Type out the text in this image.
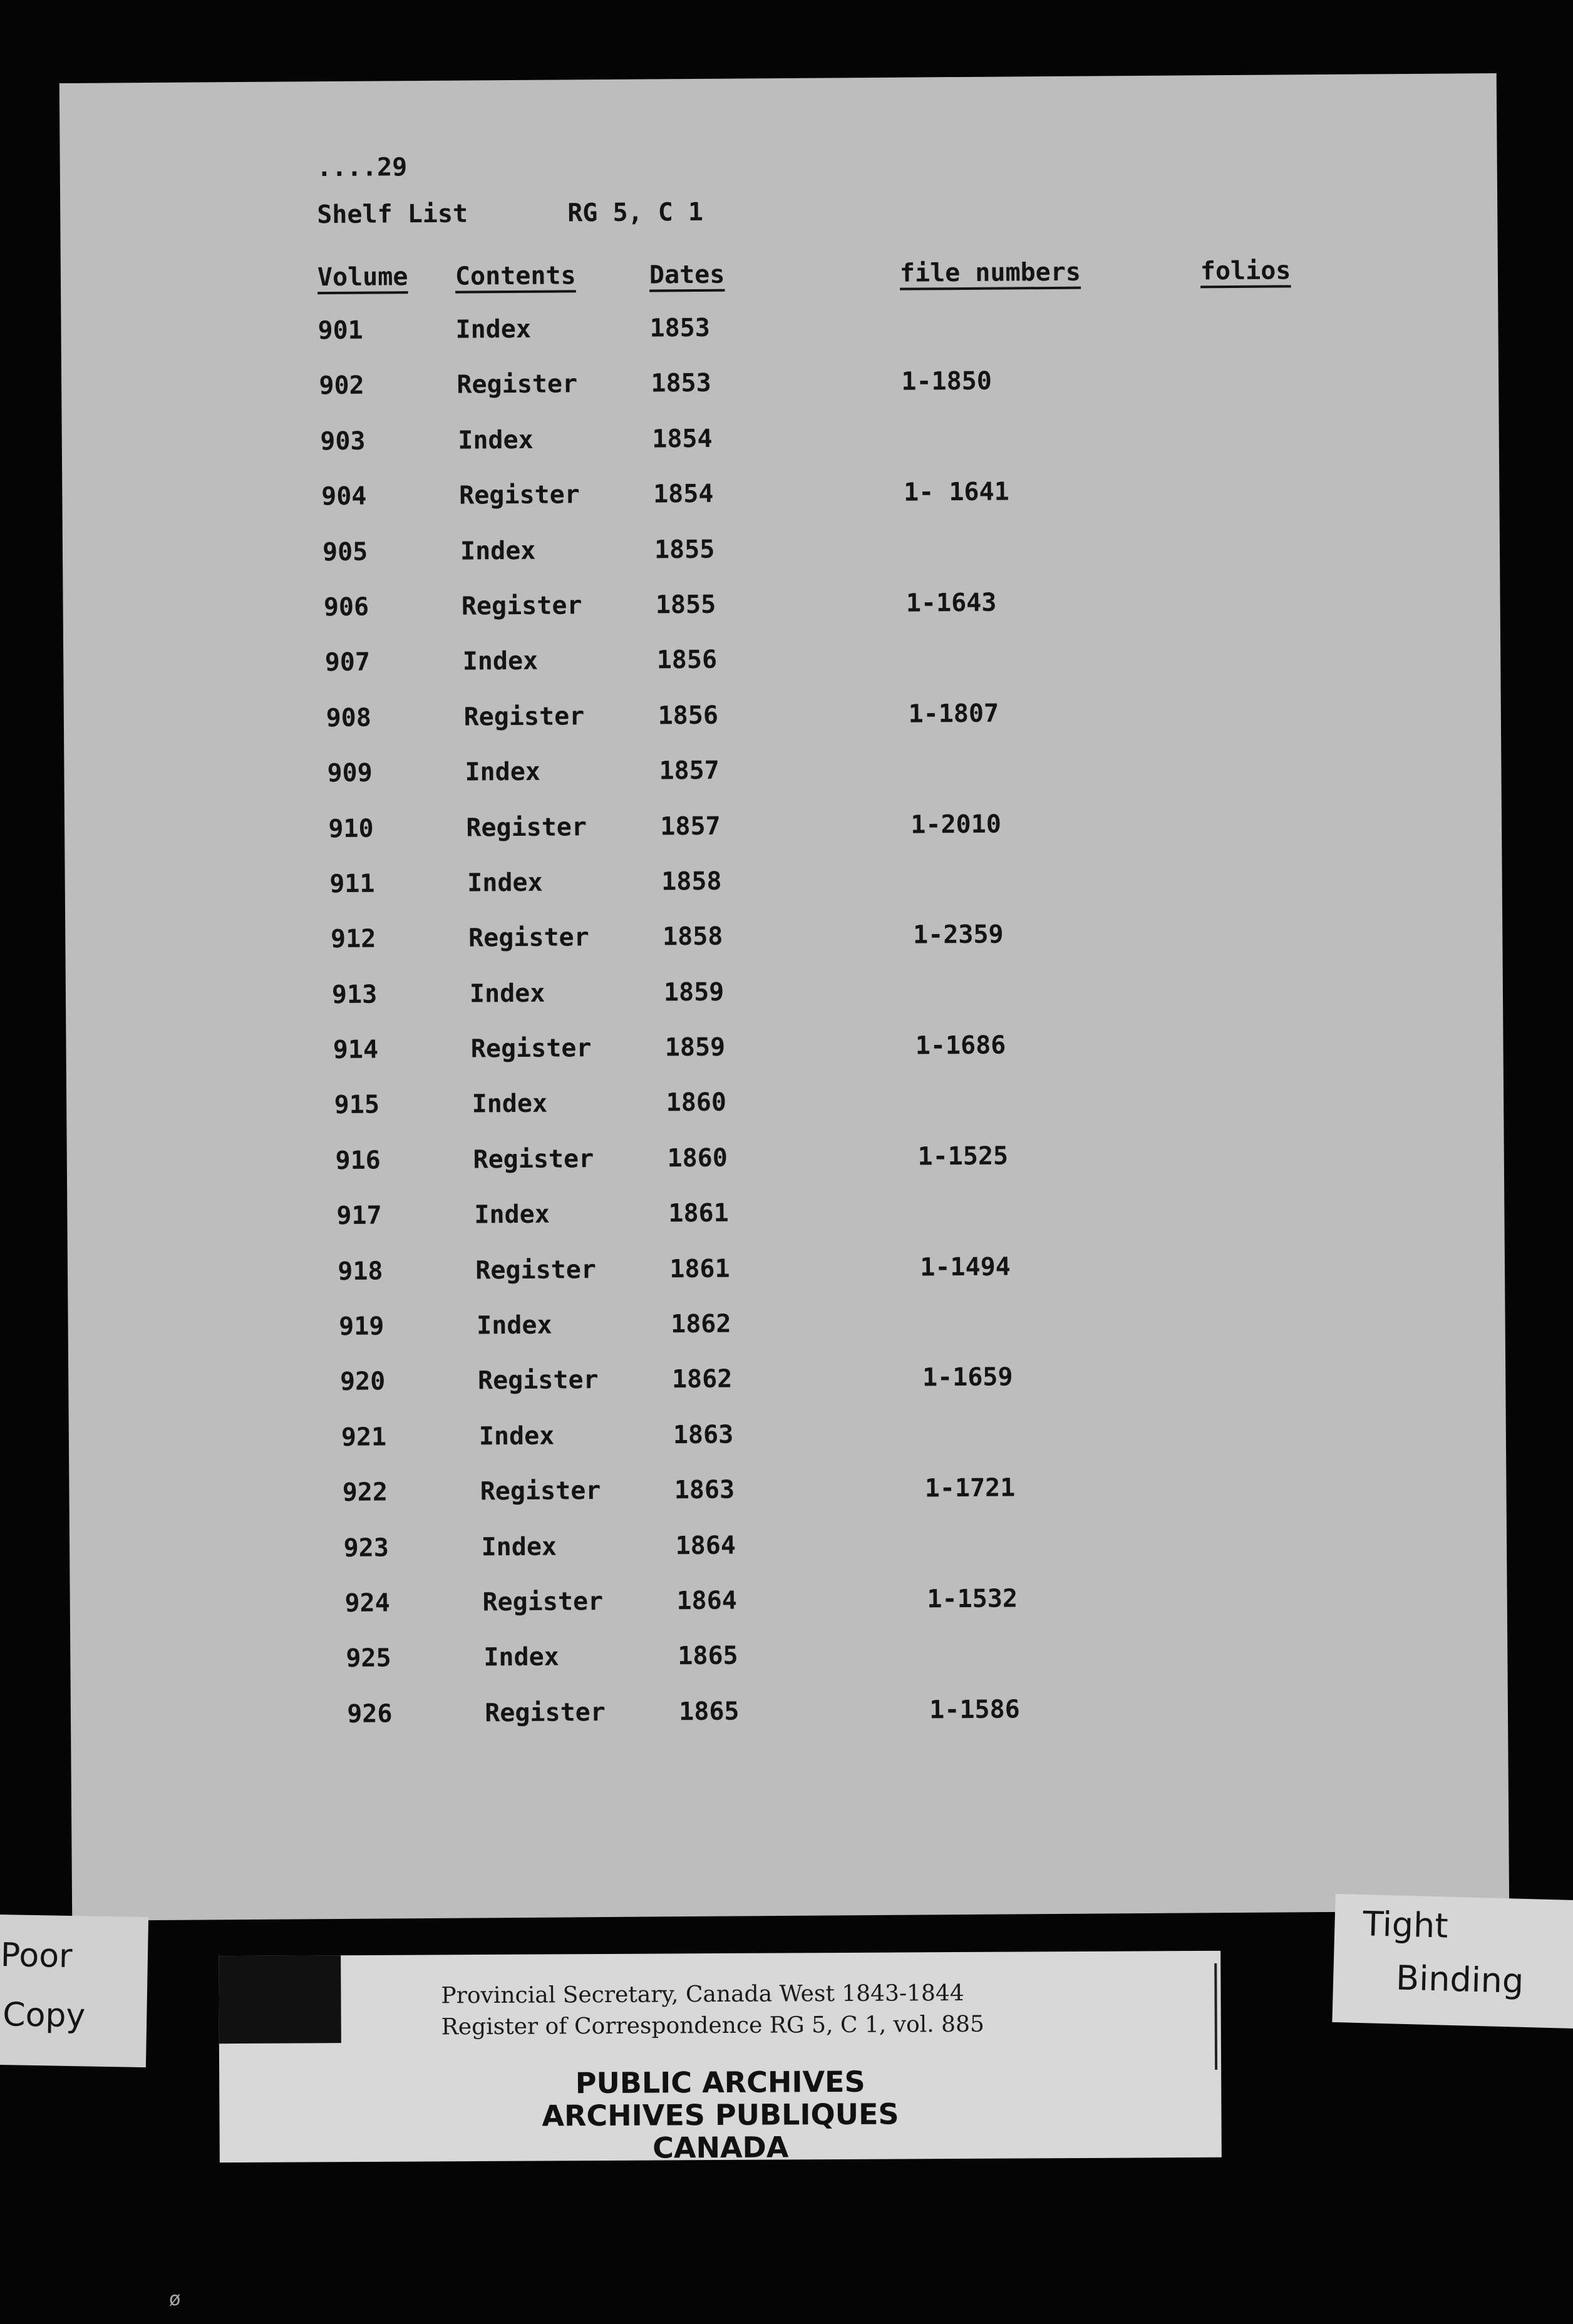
....29
Shelf List	RG 5, C 1
Volume Contents	Dates	file numbers	folios
901	Index	1853
902	Register	1853	1-1850
903	Index	1854
904	Register	1854	1- 1641
905	Index	1855
906	Register	1855	1-1643
907	Index	1856
908	Register	1856	1-1807
909	Index	1857
910	Register	1857	1-2010
911	Index	1858
912	Register	1858	1-2359
913	Index	1859
914	Register	1859	1-1686
915	Index	1860
916	Register	1860	1-1525
917	Index	1861
918	Register	1861	1-1494
919	Index	1862
920	Register	1862	1-1659
921	Index	1863
922	Register	1863	1-1721
923	Index	1864
924	Register	1864	1-1532
925	Index	1865
926	Register	1865	1-1586
Provincial Secretary, Canada West 1843-1844
Register of Correspondence RG 5, C 1, vol. 885
PUBLIC ARCHIVES
ARCHIVES PUBLIQUES
CANADA
Poor
Copy
Tight
Binding
ø
